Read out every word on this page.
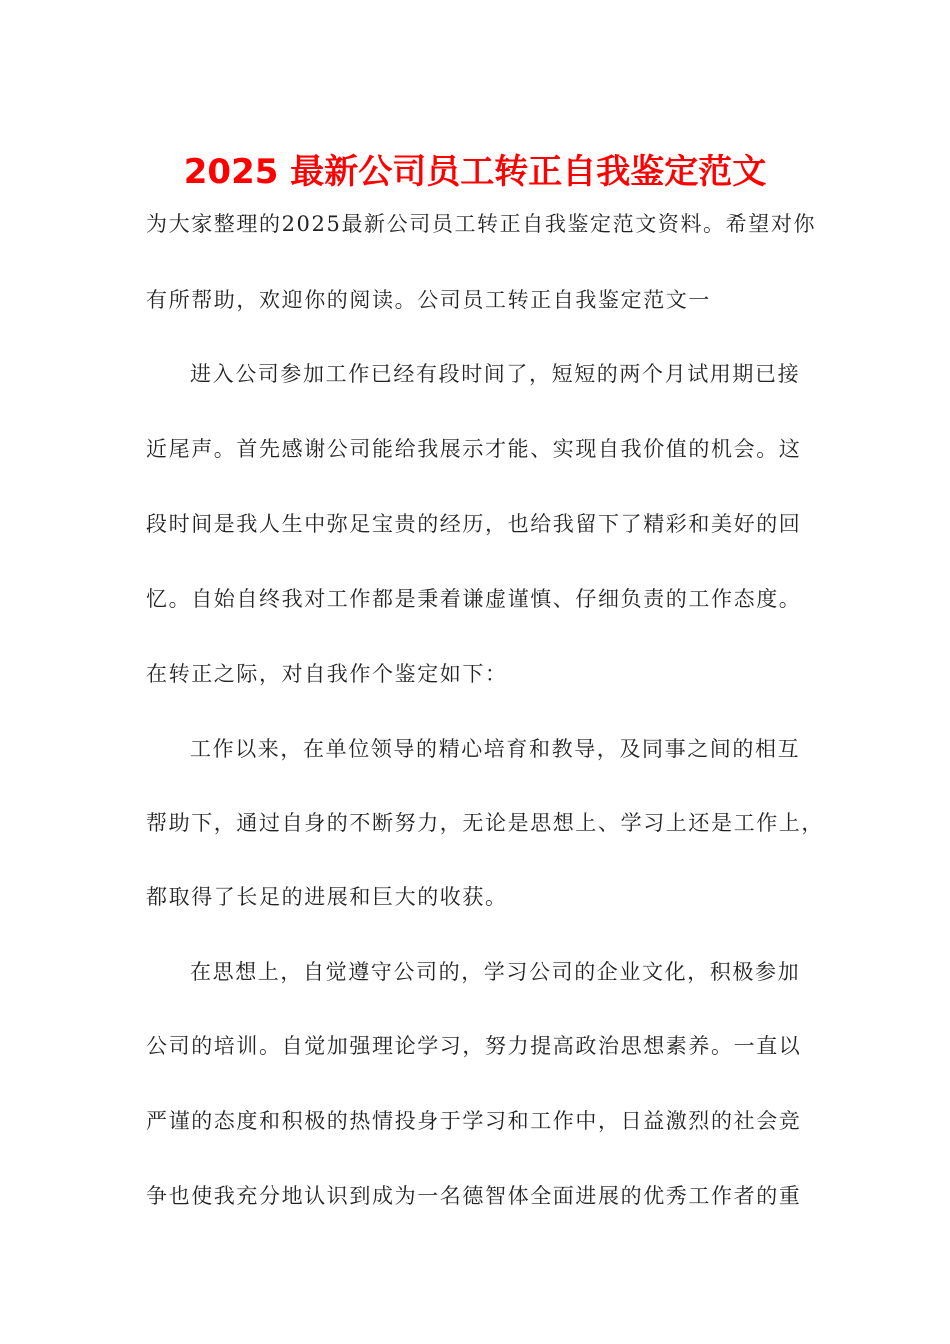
2025 最新公司员工转正自我鉴定范文
为大家整理的2025最新公司员工转正自我鉴定范文资料。希望对你
有所帮助，欢迎你的阅读。公司员工转正自我鉴定范文一
进入公司参加工作已经有段时间了，短短的两个月试用期已接
近尾声。首先感谢公司能给我展示才能、实现自我价值的机会。这
段时间是我人生中弥足宝贵的经历，也给我留下了精彩和美好的回
忆。自始自终我对工作都是秉着谦虚谨慎、仔细负责的工作态度。
在转正之际，对自我作个鉴定如下：
工作以来，在单位领导的精心培育和教导，及同事之间的相互
帮助下，通过自身的不断努力，无论是思想上、学习上还是工作上，
都取得了长足的进展和巨大的收获。
在思想上，自觉遵守公司的，学习公司的企业文化，积极参加
公司的培训。自觉加强理论学习，努力提高政治思想素养。一直以
严谨的态度和积极的热情投身于学习和工作中，日益激烈的社会竞
争也使我充分地认识到成为一名德智体全面进展的优秀工作者的重
